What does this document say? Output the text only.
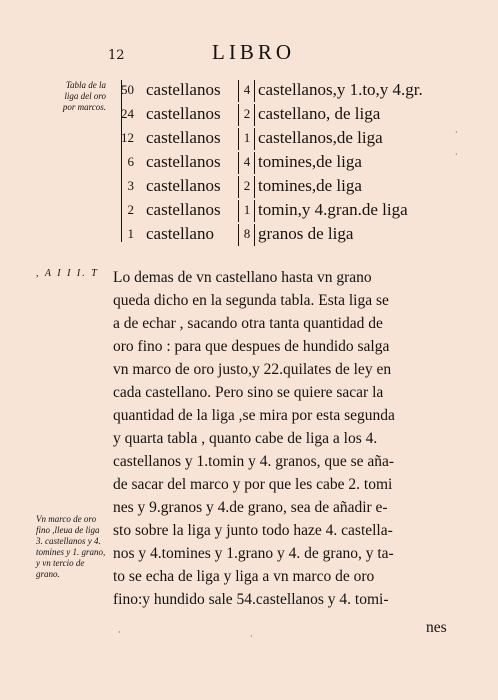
12	LIBRO
Tabla de la liga del oro por marcos.
, A I I I. T
Vn marco de oro fino ,lleua de liga 3. castellanos y 4. tomines y 1. grano, y vn tercio de grano.
50 castellanos 4 castellanos,y 1.to,y 4.gr.
24 castellanos 2 castellano, de liga
12 castellanos 1 castellanos,de liga
6 castellanos 4 tomines,de liga
3 castellanos 2 tomines,de liga
2 castellanos 1 tomin,y 4.gran.de liga
1 castellano 8 granos de liga
Lo demas de vn castellano hasta vn grano
queda dicho en la segunda tabla. Esta liga se
a de echar , sacando otra tanta quantidad de
oro fino : para que despues de hundido salga
vn marco de oro justo,y 22.quilates de ley en
cada castellano. Pero sino se quiere sacar la
quantidad de la liga ,se mira por esta segunda
y quarta tabla , quanto cabe de liga a los 4.
castellanos y 1.tomin y 4. granos, que se aña-
de sacar del marco y por que les cabe 2. tomi
nes y 9.granos y 4.de grano, sea de añadir e-
sto sobre la liga y junto todo haze 4. castella-
nos y 4.tomines y 1.grano y 4. de grano, y ta-
to se echa de liga y liga a vn marco de oro
fino:y hundido sale 54.castellanos y 4. tomi-
nes
·
·
·	·
